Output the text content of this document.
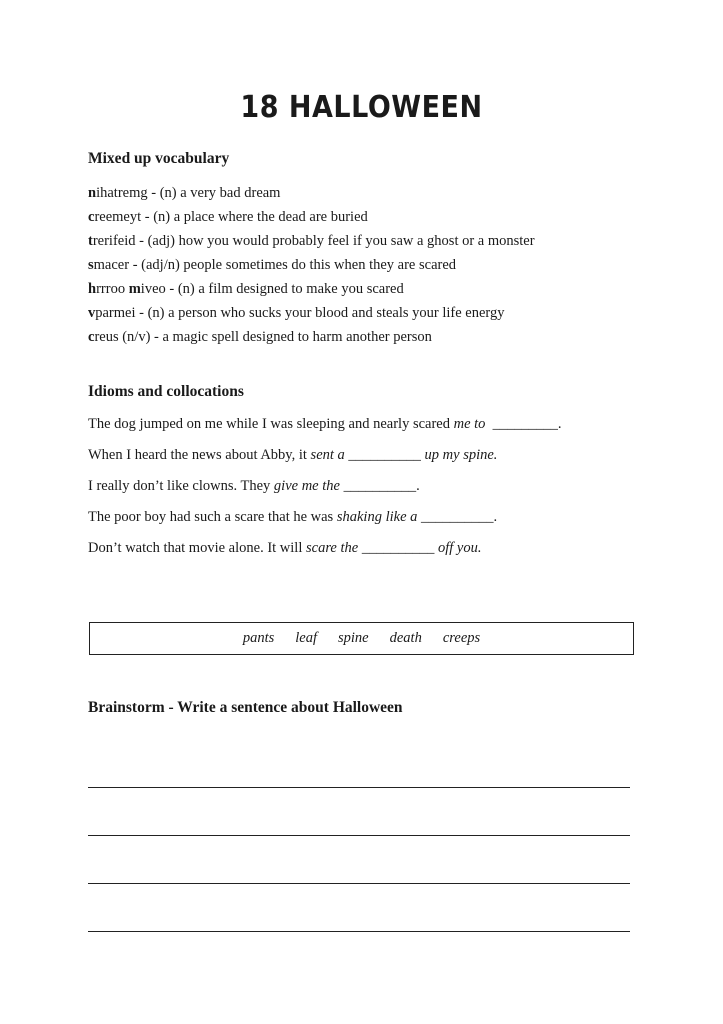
18 HALLOWEEN
Mixed up vocabulary
nihatremg - (n) a very bad dream
creemeyt - (n) a place where the dead are buried
trerifeid - (adj) how you would probably feel if you saw a ghost or a monster
smacer - (adj/n) people sometimes do this when they are scared
hrrroo miveo - (n) a film designed to make you scared
vparmei - (n) a person who sucks your blood and steals your life energy
creus (n/v) - a magic spell designed to harm another person
Idioms and collocations
The dog jumped on me while I was sleeping and nearly scared me to  _________.
When I heard the news about Abby, it sent a __________ up my spine.
I really don’t like clowns. They give me the __________.
The poor boy had such a scare that he was shaking like a __________.
Don’t watch that movie alone. It will scare the __________ off you.
pants leaf spine death creeps
Brainstorm - Write a sentence about Halloween
